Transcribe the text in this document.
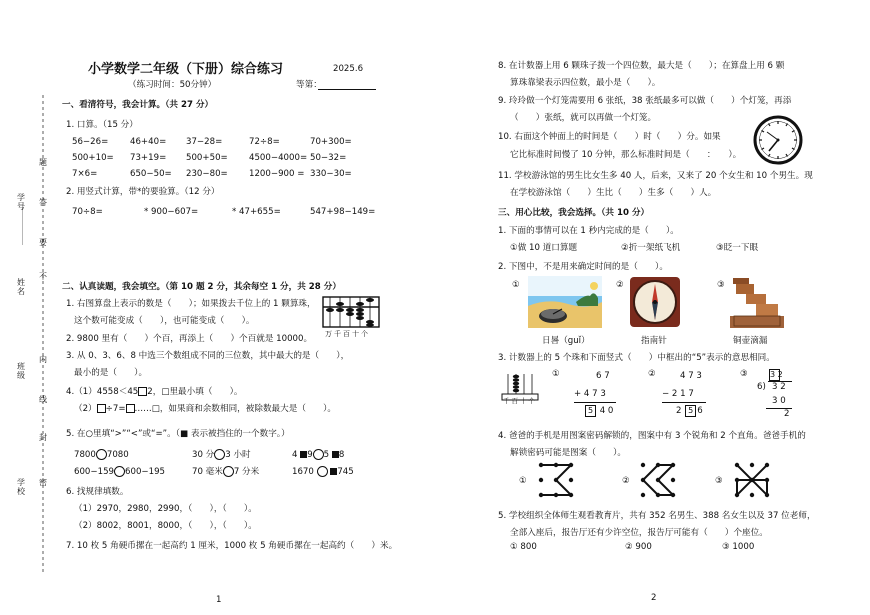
学号
姓名
班级
学校
题
答
要
不
内
线
封
密
小学数学二年级（下册）综合练习	2025.6
（练习时间：50分钟）	等第：
一、看清符号，我会计算。（共 27 分）
1. 口算。（15 分）
56−26=	46+40= 37−28=	72÷8=	70+300=
500+10= 73+19= 500+50= 4500−4000= 50−32=
7×6=	650−50= 230−80= 1200−900 = 330−30=
2. 用竖式计算，带*的要验算。（12 分）
70÷8=	* 900−607=	* 47+655=	547+98−149=
二、认真读题，我会填空。（第 10 题 2 分，其余每空 1 分，共 28 分）
1. 右图算盘上表示的数是（　　）；如果拨去千位上的 1 颗算珠，
这个数可能变成（　　），也可能变成（　　）。
万千百十个
2. 9800 里有（　　）个百，再添上（　　）个百就是 10000。
3. 从 0、3、6、8 中选三个数组成不同的三位数，其中最大的是（　　），
最小的是（　　）。
4.（1）4558＜45 2，□里最小填（　　）。
（2） ÷7= ……□，如果商和余数相同，被除数最大是（　　）。
5. 在○里填“>”“<”或“=”。（■ 表示被挡住的一个数字。）
7800 7080	30 分 3 小时	4 9 5 8
600−159 600−195	70 毫米 7 分米	1670	745
6. 找规律填数。
（1）2970，2980，2990，（　　），（　　）。
（2）8002，8001，8000，（　　），（　　）。
7. 10 枚 5 角硬币摞在一起高约 1 厘米，1000 枚 5 角硬币摞在一起高约（　　）米。
1
8. 在计数器上用 6 颗珠子拨一个四位数，最大是（　　）；在算盘上用 6 颗
算珠靠梁表示四位数，最小是（　　）。
9. 玲玲做一个灯笼需要用 6 张纸，38 张纸最多可以做（　　）个灯笼，再添
（　　）张纸，就可以再做一个灯笼。
10. 右面这个钟面上的时间是（　　）时（　　）分。如果
它比标准时间慢了 10 分钟，那么标准时间是（　　：　　）。
11. 学校游泳馆的男生比女生多 40 人，后来，又来了 20 个女生和 10 个男生。现
在学校游泳馆（　　）生比（　　）生多（　　）人。
三、用心比较，我会选择。（共 10 分）
1. 下面的事情可以在 1 秒内完成的是（　　）。
①做 10 道口算题	②折一架纸飞机	③眨一下眼
2. 下图中，不是用来确定时间的是（　　）。
①	②	③
日晷（guǐ）	指南针	铜壶滴漏
3. 计数器上的 5 个珠和下面竖式（　　）中框出的“5”表示的意思相同。
千百十个
①	6 7
+ 4 7 3
5 4 0
②	4 7 3
− 2 1 7
2 5 6
③	3 2
6) 3 2
3 0
2
4. 爸爸的手机是用图案密码解锁的，图案中有 3 个锐角和 2 个直角。爸爸手机的
解锁密码可能是图案（　　）。
①	②	③
5. 学校组织全体师生观看教育片，共有 352 名男生、388 名女生以及 37 位老师，
全部入座后，报告厅还有少许空位，报告厅可能有（　　）个座位。
① 800	② 900	③ 1000
2
